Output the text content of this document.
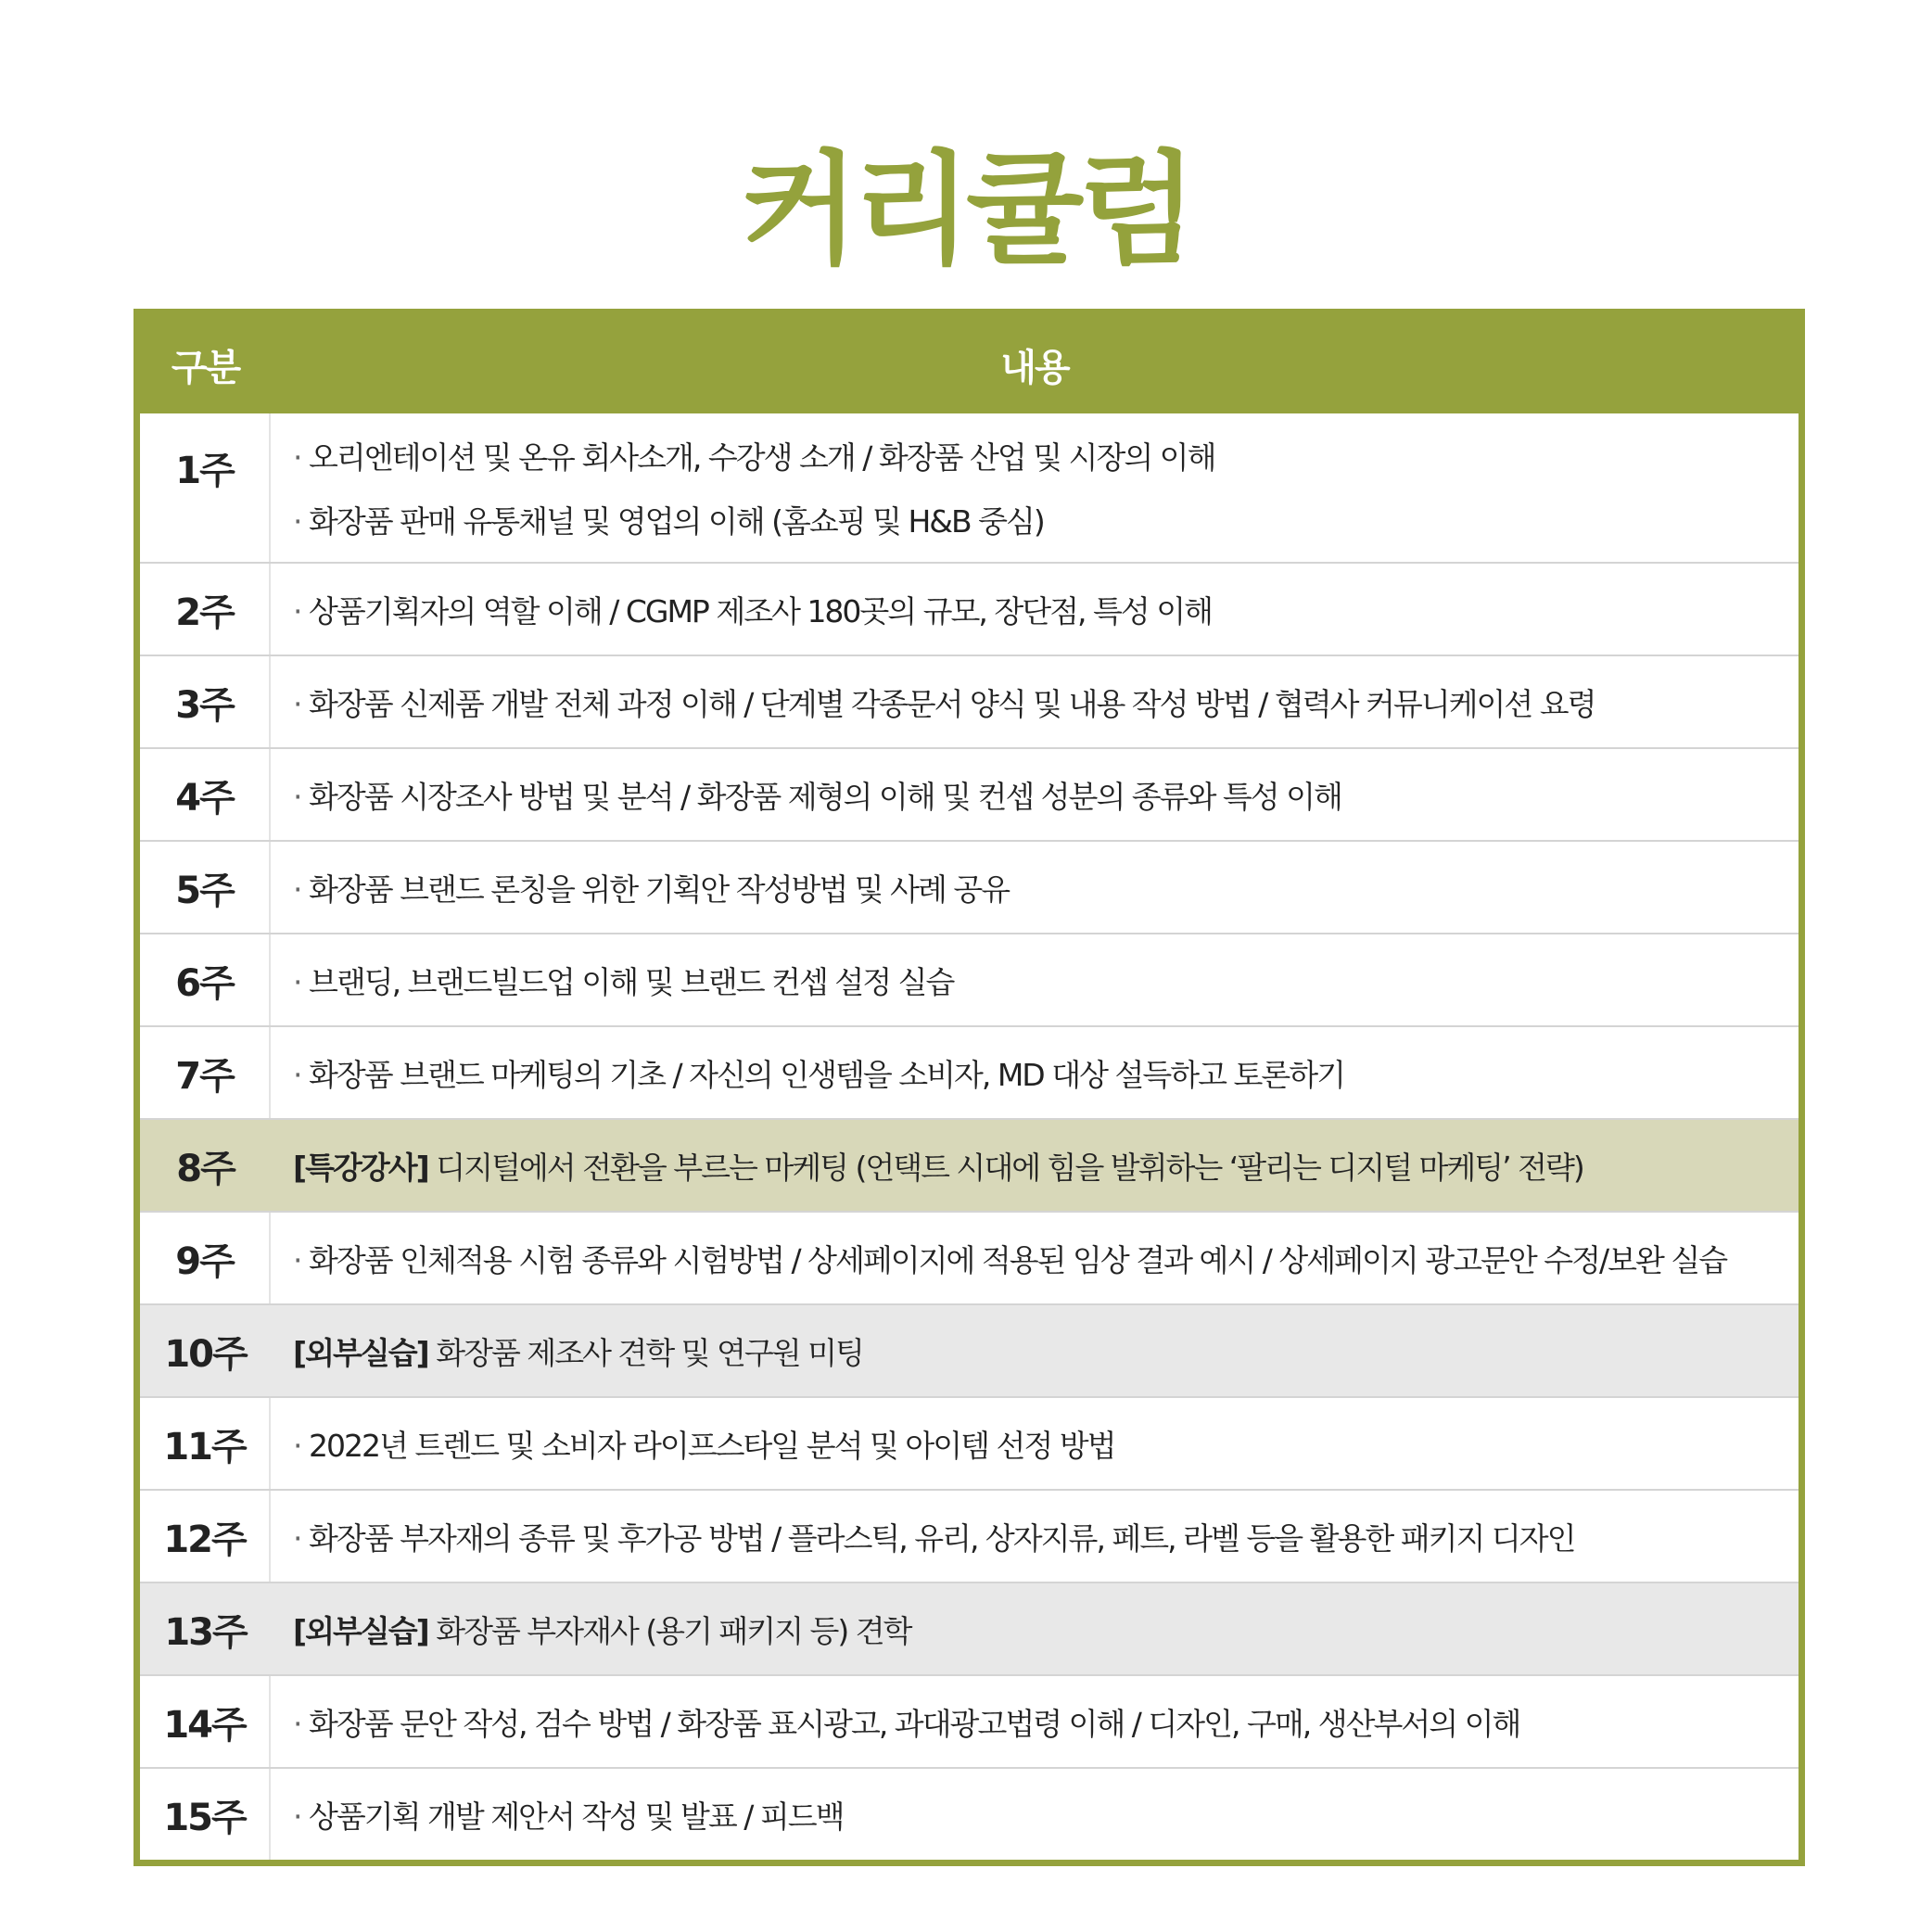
커리큘럼
구분	내용
1주	· 오리엔테이션 및 온유 회사소개, 수강생 소개 / 화장품 산업 및 시장의 이해
· 화장품 판매 유통채널 및 영업의 이해 (홈쇼핑 및 H&B 중심)
2주	· 상품기획자의 역할 이해 / CGMP 제조사 180곳의 규모, 장단점, 특성 이해
3주	· 화장품 신제품 개발 전체 과정 이해 / 단계별 각종문서 양식 및 내용 작성 방법 / 협력사 커뮤니케이션 요령
4주	· 화장품 시장조사 방법 및 분석 / 화장품 제형의 이해 및 컨셉 성분의 종류와 특성 이해
5주	· 화장품 브랜드 론칭을 위한 기획안 작성방법 및 사례 공유
6주	· 브랜딩, 브랜드빌드업 이해 및 브랜드 컨셉 설정 실습
7주	· 화장품 브랜드 마케팅의 기초 / 자신의 인생템을 소비자, MD 대상 설득하고 토론하기
8주	[특강강사] 디지털에서 전환을 부르는 마케팅 (언택트 시대에 힘을 발휘하는 ‘팔리는 디지털 마케팅’ 전략)
9주	· 화장품 인체적용 시험 종류와 시험방법 / 상세페이지에 적용된 임상 결과 예시 / 상세페이지 광고문안 수정/보완 실습
10주	[외부실습] 화장품 제조사 견학 및 연구원 미팅
11주	· 2022년 트렌드 및 소비자 라이프스타일 분석 및 아이템 선정 방법
12주	· 화장품 부자재의 종류 및 후가공 방법 / 플라스틱, 유리, 상자지류, 페트, 라벨 등을 활용한 패키지 디자인
13주	[외부실습] 화장품 부자재사 (용기 패키지 등) 견학
14주	· 화장품 문안 작성, 검수 방법 / 화장품 표시광고, 과대광고법령 이해 / 디자인, 구매, 생산부서의 이해
15주	· 상품기획 개발 제안서 작성 및 발표 / 피드백
